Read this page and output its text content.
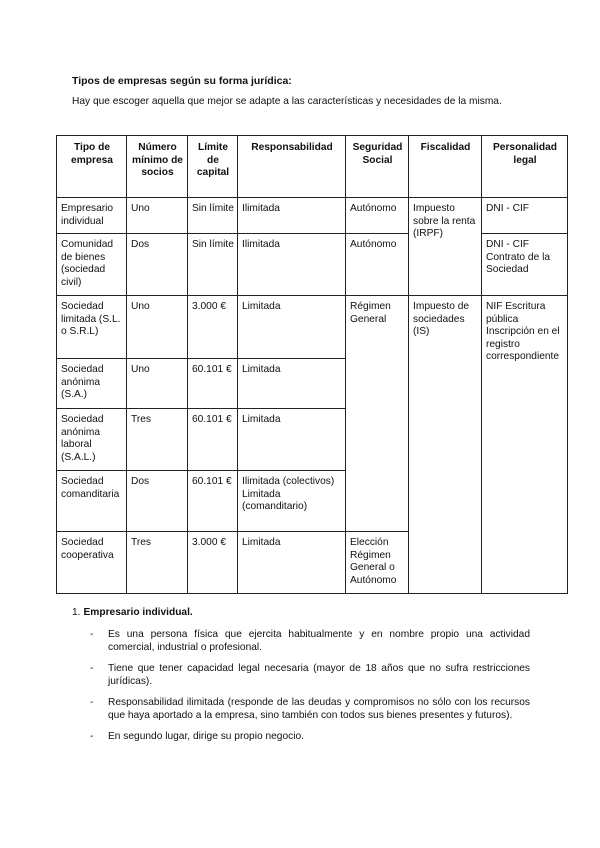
Tipos de empresas según su forma jurídica:
Hay que escoger aquella que mejor se adapte a las características y necesidades de la misma.
Tipo de empresa	Número mínimo de socios	Límite de capital	Responsabilidad	Seguridad Social	Fiscalidad	Personalidad legal
Empresario individual	Uno	Sin límite	Ilimitada	Autónomo	Impuesto sobre la renta (IRPF)	DNI - CIF
Comunidad de bienes (sociedad civil)	Dos	Sin límite	Ilimitada	Autónomo		DNI - CIF Contrato de la Sociedad
Sociedad limitada (S.L. o S.R.L)	Uno	3.000 €	Limitada	Régimen General	Impuesto de sociedades (IS)	NIF Escritura pública Inscripción en el registro correspondiente
Sociedad anónima (S.A.)	Uno	60.101 €	Limitada			
Sociedad anónima laboral (S.A.L.)	Tres	60.101 €	Limitada			
Sociedad comanditaria	Dos	60.101 €	Ilimitada (colectivos) Limitada (comanditario)			
Sociedad cooperativa	Tres	3.000 €	Limitada	Elección Régimen General o Autónomo		
1. Empresario individual.
- Es una persona física que ejercita habitualmente y en nombre propio una actividad comercial, industrial o profesional.
- Tiene que tener capacidad legal necesaria (mayor de 18 años que no sufra restricciones jurídicas).
- Responsabilidad ilimitada (responde de las deudas y compromisos no sólo con los recursos que haya aportado a la empresa, sino también con todos sus bienes presentes y futuros).
- En segundo lugar, dirige su propio negocio.
